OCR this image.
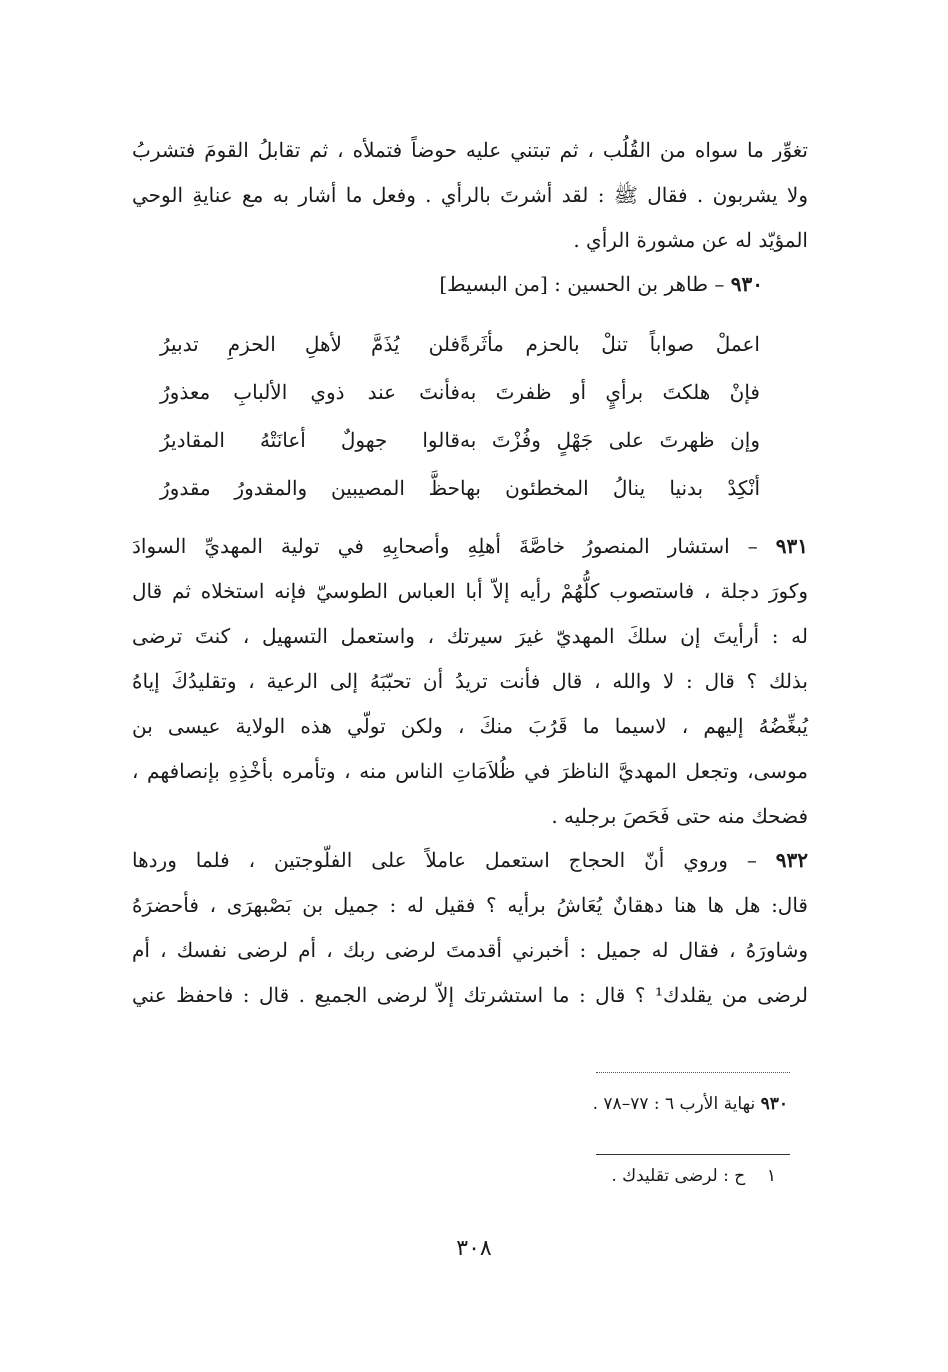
تغوِّر ما سواه من القُلُب ، ثم تبتني عليه حوضاً فتملأه ، ثم تقابلُ القومَ فتشربُ

ولا يشربون . فقال ﷺ : لقد أشرتَ بالرأي . وفعل ما أشار به مع عنايةِ الوحي

المؤيّد له عن مشورة الرأي .

٩٣٠ – طاهر بن الحسين : [من البسيط]
اعملْ صواباً تنلْ بالحزم مأثَرةً
فلن يُذَمَّ لأهلِ الحزمِ تدبيرُ
فإنْ هلكتَ برأيٍ أو ظفرتَ به
فأنتَ عند ذوي الألبابِ معذورُ
وإن ظهرتَ على جَهْلٍ وفُزْتَ به
قالوا جهولٌ أعانَتْهُ المقاديرُ
أنْكِدْ بدنيا ينالُ المخطئون بها
حظَّ المصيبين والمقدورُ مقدورُ

٩٣١ – استشار المنصورُ خاصَّةَ أهلِهِ وأصحابِهِ في تولية المهديِّ السوادَ

وكورَ دجلة ، فاستصوب كلُّهُمْ رأيه إلاّ أبا العباس الطوسيّ فإنه استخلاه ثم قال

له : أرأيتَ إن سلكَ المهديّ غيرَ سيرتك ، واستعمل التسهيل ، كنتَ ترضى

بذلك ؟ قال : لا والله ، قال فأنت تريدُ أن تحبّبَهُ إلى الرعية ، وتقليدُكَ إياهُ

يُبغِّضُهُ إليهم ، لاسيما ما قَرُبَ منكَ ، ولكن تولّي هذه الولاية عيسى بن

موسى، وتجعل المهديَّ الناظرَ في ظُلاَمَاتِ الناس منه ، وتأمره بأخْذِهِ بإنصافهم ،

فضحك منه حتى فَحَصَ برجليه .

٩٣٢ – وروي أنّ الحجاج استعمل عاملاً على الفلّوجتين ، فلما وردها

قال: هل ها هنا دهقانٌ يُعَاشُ برأيه ؟ فقيل له : جميل بن بَصْبهرَى ، فأحضرَهُ

وشاورَهُ ، فقال له جميل : أخبرني أقدمتَ لرضى ربك ، أم لرضى نفسك ، أم

لرضى من يقلدك¹ ؟ قال : ما استشرتك إلاّ لرضى الجميع . قال : فاحفظ عني

٩٣٠ نهاية الأرب ٦ : ٧٧–٧٨ .
١    ح : لرضى تقليدك .
٣٠٨
